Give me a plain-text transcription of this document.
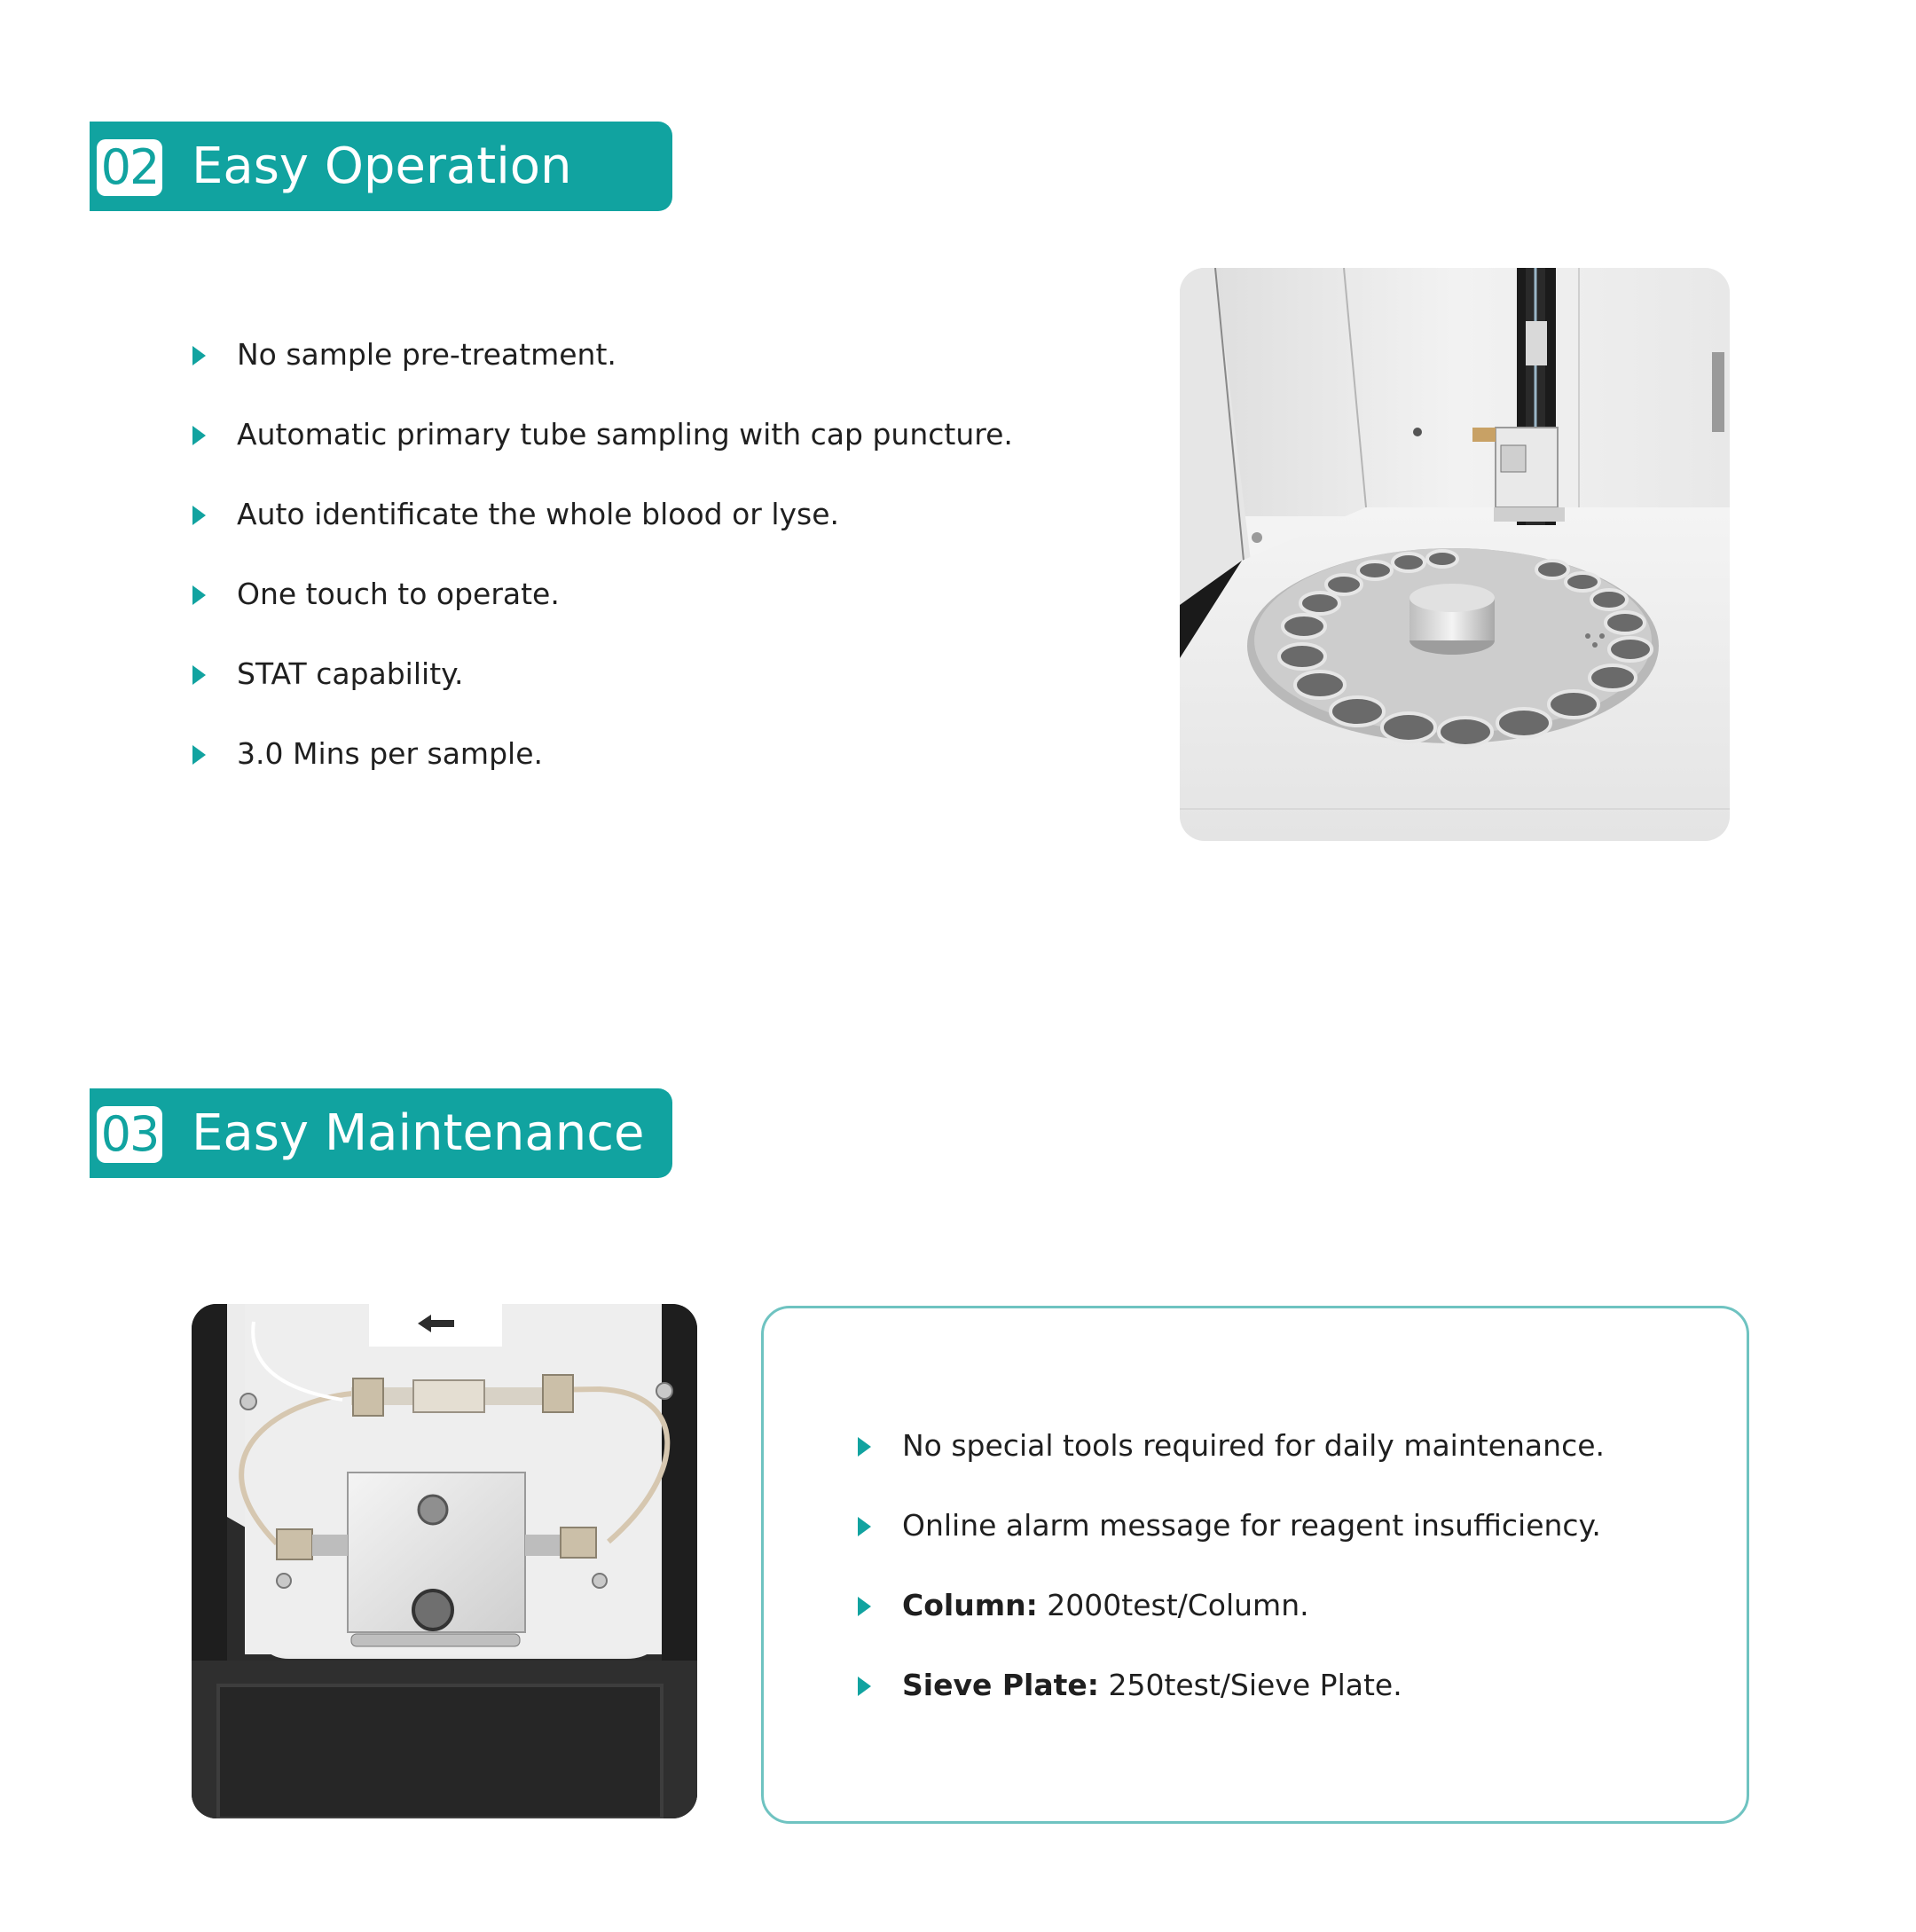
02 Easy Operation
No sample pre-treatment.
Automatic primary tube sampling with cap puncture.
Auto identificate the whole blood or lyse.
One touch to operate.
STAT capability.
3.0 Mins per sample.
03 Easy Maintenance
No special tools required for daily maintenance.
Online alarm message for reagent insufficiency.
Column: 2000test/Column.
Sieve Plate: 250test/Sieve Plate.
